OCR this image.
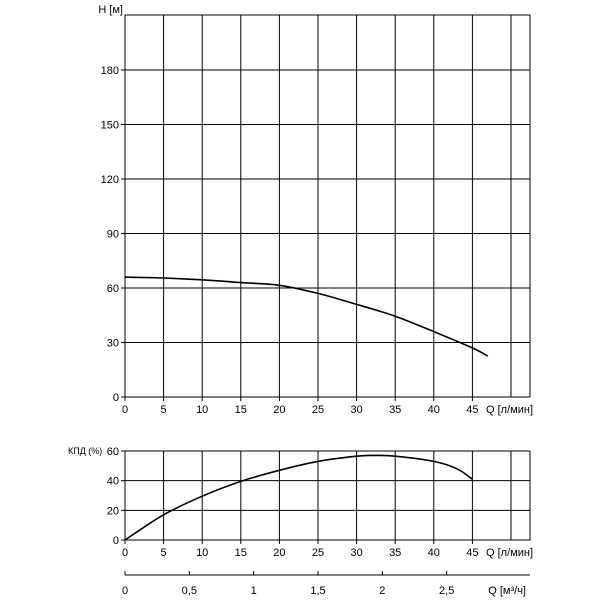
0
30
60
90
120
150
180
0	5	10 15 20 25 30 35 40 45 Q [л/мин]
H [м]
0
20
40
60
0	5	10 15 20 25 30 35 40 45 Q [л/мин]
КПД (%)
0	0,5	1	1,5	2	2,5	Q [м³/ч]
